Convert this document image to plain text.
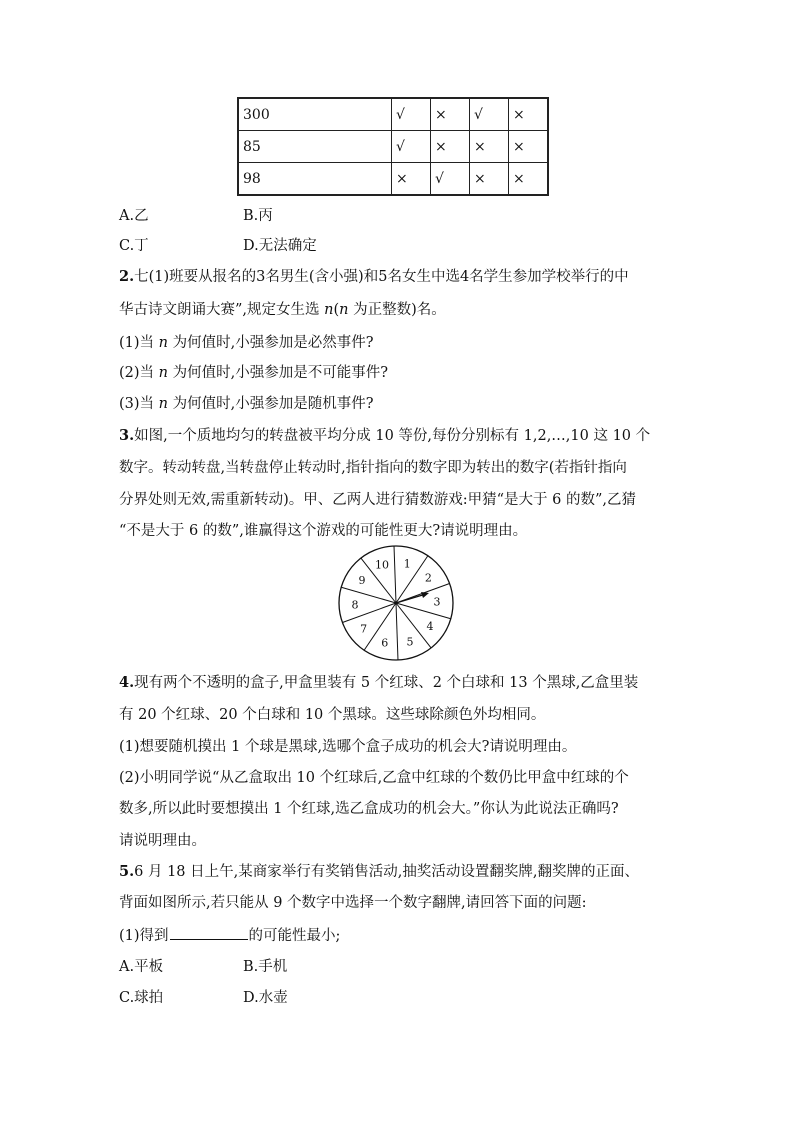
300	√	×	√	×
85	√	×	×	×
98	×	√	×	×
A.乙	B.丙
C.丁	D.无法确定
2.七(1)班要从报名的3名男生(含小强)和5名女生中选4名学生参加学校举行的中
华古诗文朗诵大赛”,规定女生选 n(n 为正整数)名。
(1)当 n 为何值时,小强参加是必然事件?
(2)当 n 为何值时,小强参加是不可能事件?
(3)当 n 为何值时,小强参加是随机事件?
3.如图,一个质地均匀的转盘被平均分成 10 等份,每份分别标有 1,2,…,10 这 10 个
数字。转动转盘,当转盘停止转动时,指针指向的数字即为转出的数字(若指针指向
分界处则无效,需重新转动)。甲、乙两人进行猜数游戏:甲猜“是大于 6 的数”,乙猜
“不是大于 6 的数”,谁赢得这个游戏的可能性更大?请说明理由。
1
2
3
4
5
6
7
8
9
10
4.现有两个不透明的盒子,甲盒里装有 5 个红球、2 个白球和 13 个黑球,乙盒里装
有 20 个红球、20 个白球和 10 个黑球。这些球除颜色外均相同。
(1)想要随机摸出 1 个球是黑球,选哪个盒子成功的机会大?请说明理由。
(2)小明同学说“从乙盒取出 10 个红球后,乙盒中红球的个数仍比甲盒中红球的个
数多,所以此时要想摸出 1 个红球,选乙盒成功的机会大。”你认为此说法正确吗?
请说明理由。
5.6 月 18 日上午,某商家举行有奖销售活动,抽奖活动设置翻奖牌,翻奖牌的正面、
背面如图所示,若只能从 9 个数字中选择一个数字翻牌,请回答下面的问题:
(1)得到	的可能性最小;
A.平板	B.手机
C.球拍	D.水壶
